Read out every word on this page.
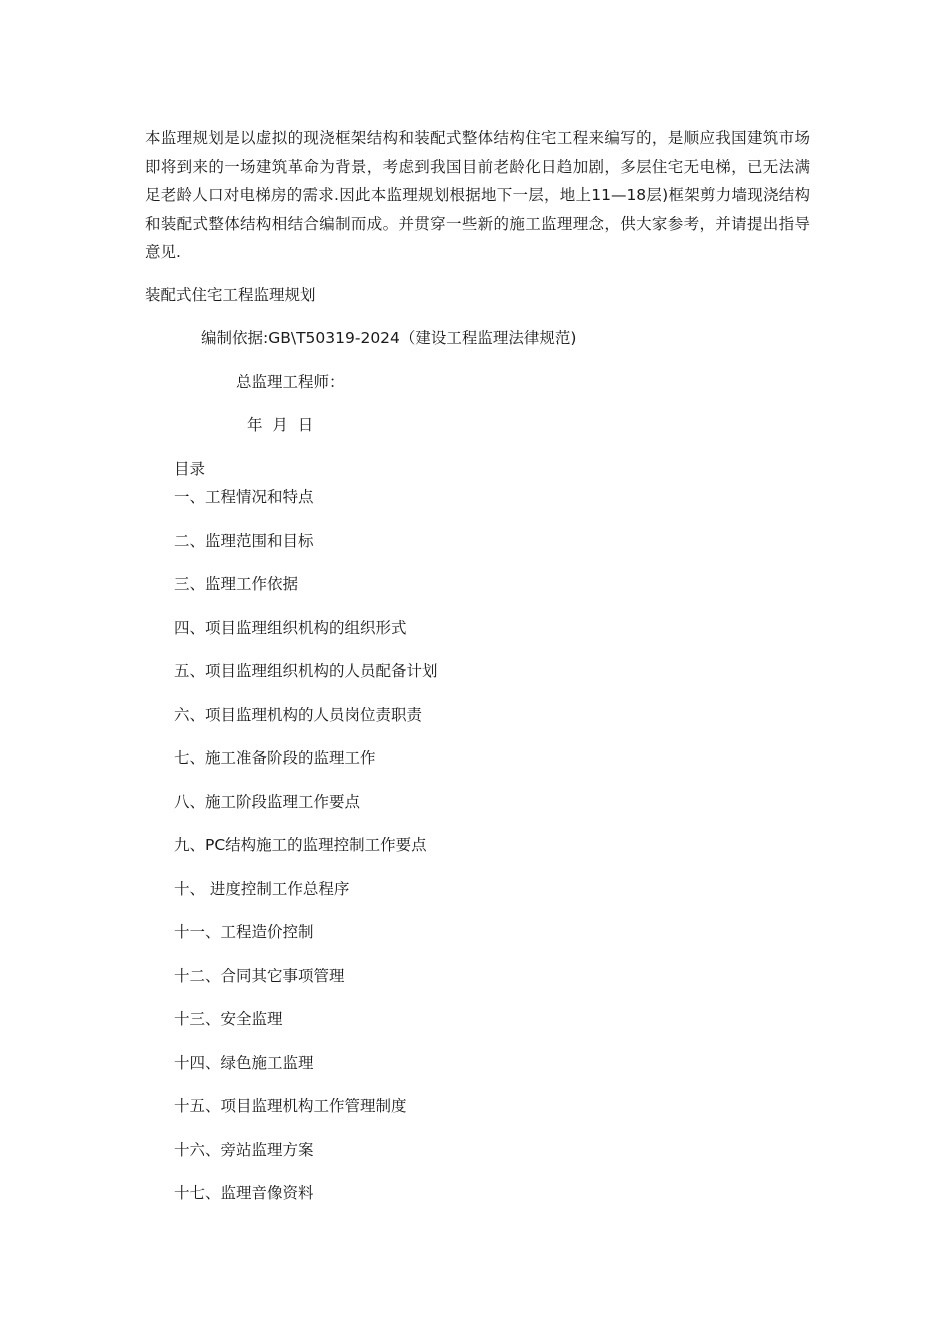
本监理规划是以虚拟的现浇框架结构和装配式整体结构住宅工程来编写的，是顺应我国建筑市场即将到来的一场建筑革命为背景，考虑到我国目前老龄化日趋加剧，多层住宅无电梯，已无法满足老龄人口对电梯房的需求.因此本监理规划根据地下一层，地上11—18层)框架剪力墙现浇结构和装配式整体结构相结合编制而成。并贯穿一些新的施工监理理念，供大家参考，并请提出指导意见.

装配式住宅工程监理规划

编制依据:GB\T50319-2024（建设工程监理法律规范)

总监理工程师：

年  月  日

目录

一、工程情况和特点
二、监理范围和目标
三、监理工作依据
四、项目监理组织机构的组织形式
五、项目监理组织机构的人员配备计划
六、项目监理机构的人员岗位责职责
七、施工准备阶段的监理工作
八、施工阶段监理工作要点
九、PC结构施工的监理控制工作要点
十、 进度控制工作总程序
十一、工程造价控制
十二、合同其它事项管理
十三、安全监理
十四、绿色施工监理
十五、项目监理机构工作管理制度
十六、旁站监理方案
十七、监理音像资料
